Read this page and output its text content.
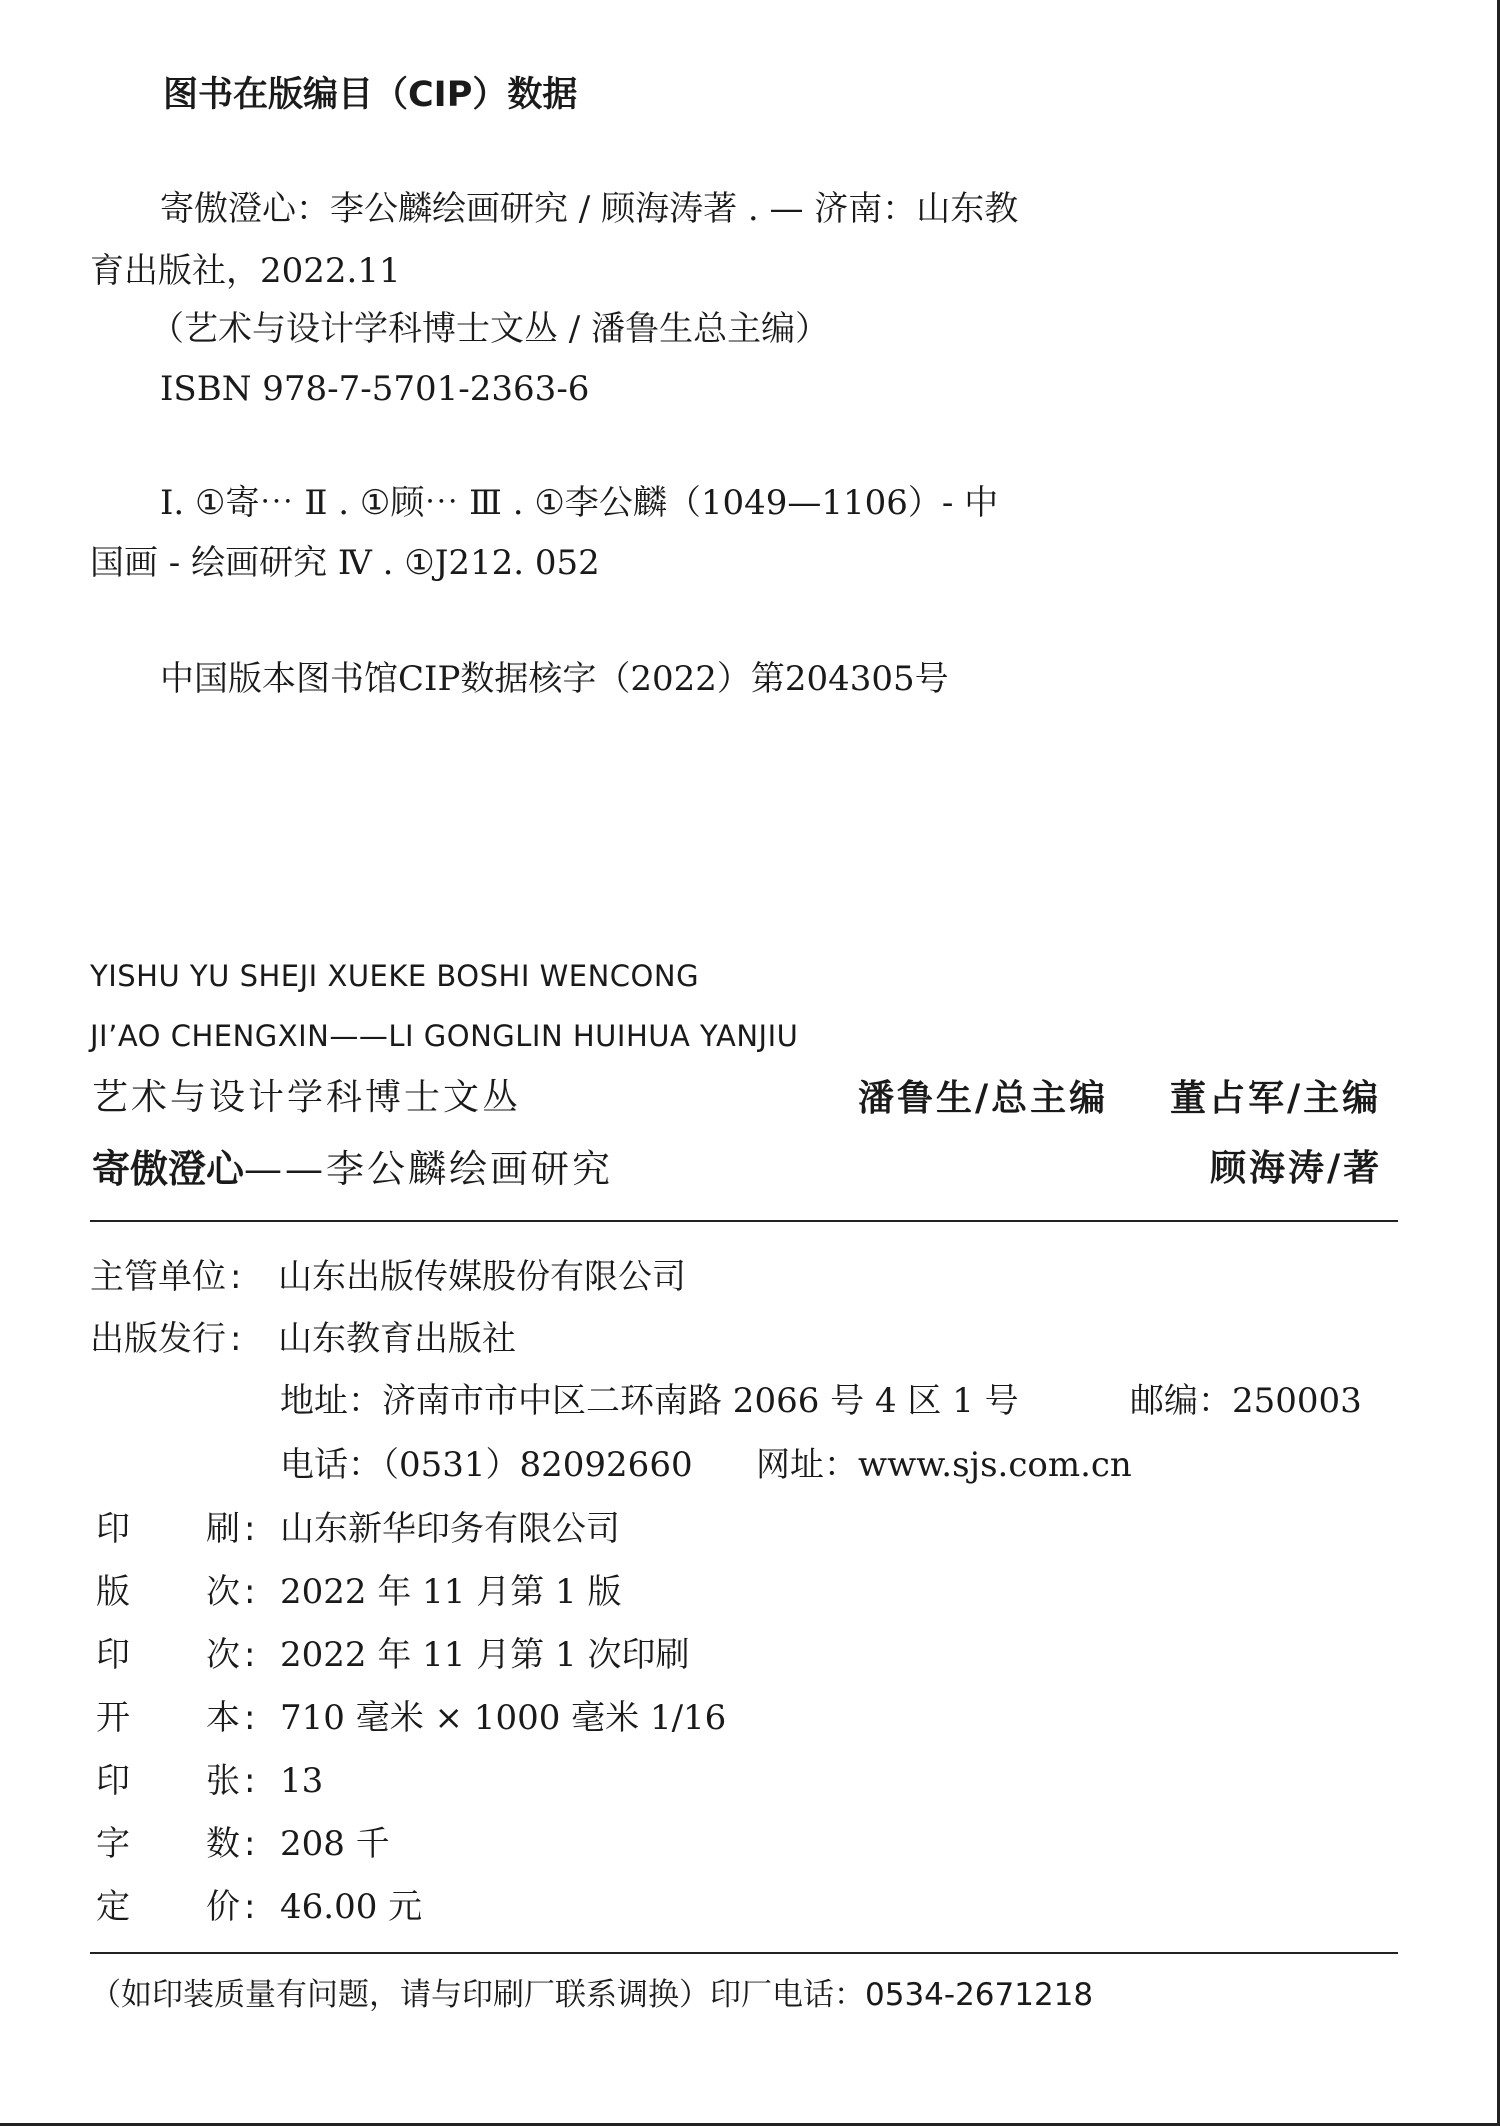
图书在版编目（CIP）数据
寄傲澄心：李公麟绘画研究 / 顾海涛著 . — 济南：山东教
育出版社，2022.11
（艺术与设计学科博士文丛 / 潘鲁生总主编）
ISBN 978-7-5701-2363-6
Ⅰ. ①寄⋯ Ⅱ . ①顾⋯ Ⅲ . ①李公麟（1049—1106）- 中
国画 - 绘画研究 Ⅳ . ①J212. 052
中国版本图书馆CIP数据核字（2022）第204305号
YISHU YU SHEJI XUEKE BOSHI WENCONG
JI’AO CHENGXIN——LI GONGLIN HUIHUA YANJIU
艺术与设计学科博士文丛	潘鲁生/总主编 董占军/主编
寄傲澄心——李公麟绘画研究	顾海涛/著
主管单位 : 山东出版传媒股份有限公司
出版发行 : 山东教育出版社
地址：济南市市中区二环南路 2066 号 4 区 1 号	邮编：250003
电话：（0531）82092660 网址：www.sjs.com.cn
印 刷 : 山东新华印务有限公司
版 次 : 2022 年 11 月第 1 版
印 次 : 2022 年 11 月第 1 次印刷
开 本 : 710 毫米 × 1000 毫米 1/16
印 张 : 13
字 数 : 208 千
定 价 : 46.00 元
（如印装质量有问题，请与印刷厂联系调换）印厂电话：0534-2671218
